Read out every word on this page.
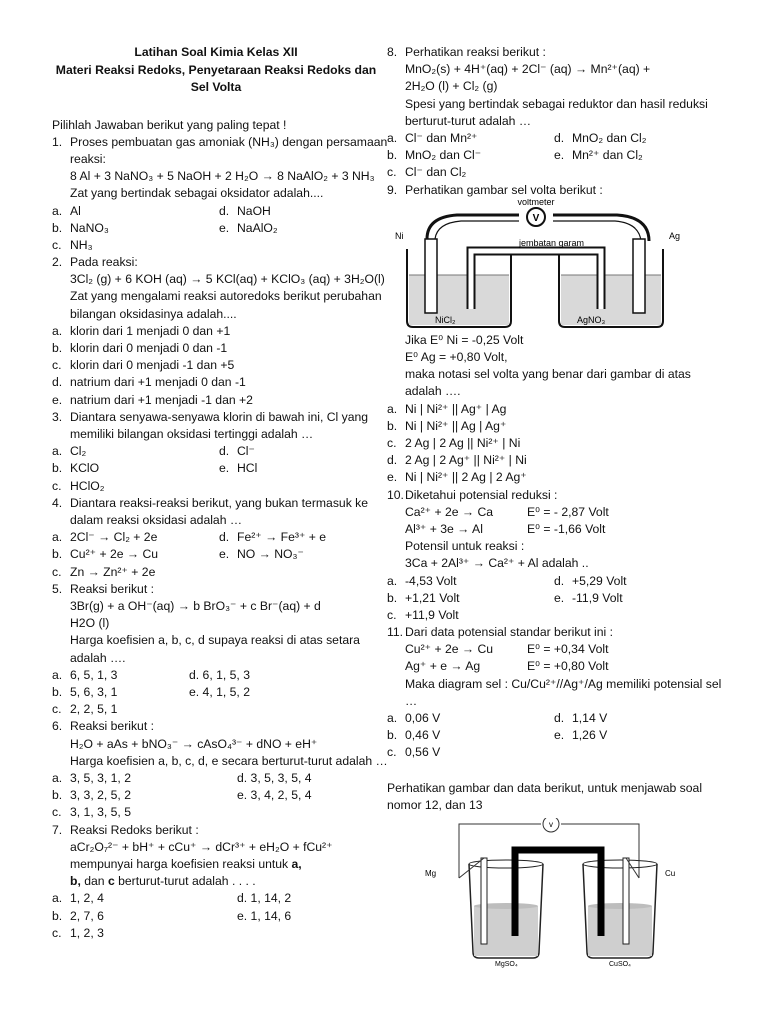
Latihan Soal Kimia Kelas XII
Materi Reaksi Redoks, Penyetaraan Reaksi Redoks dan
Sel Volta
Pilihlah Jawaban berikut yang paling tepat !
1. Proses pembuatan gas amoniak (NH₃) dengan persamaan
reaksi:
8 Al + 3 NaNO₃ + 5 NaOH + 2 H₂O → 8 NaAlO₂ + 3 NH₃
Zat yang bertindak sebagai oksidator adalah....
a. Al	d. NaOH
b. NaNO₃	e. NaAlO₂
c. NH₃
2. Pada reaksi:
3Cl₂ (g) + 6 KOH (aq) → 5 KCl(aq) + KClO₃ (aq) + 3H₂O(l)
Zat yang mengalami reaksi autoredoks berikut perubahan
bilangan oksidasinya adalah....
a. klorin dari 1 menjadi 0 dan +1
b. klorin dari 0 menjadi 0 dan -1
c. klorin dari 0 menjadi -1 dan +5
d. natrium dari +1 menjadi 0 dan -1
e. natrium dari +1 menjadi -1 dan +2
3. Diantara senyawa-senyawa klorin di bawah ini, Cl yang
memiliki bilangan oksidasi tertinggi adalah …
a. Cl₂	d. Cl⁻
b. KClO	e. HCl
c. HClO₂
4. Diantara reaksi-reaksi berikut, yang bukan termasuk ke
dalam reaksi oksidasi adalah …
a. 2Cl⁻ → Cl₂ + 2e	d. Fe²⁺ → Fe³⁺ + e
b. Cu²⁺ + 2e → Cu	e. NO → NO₃⁻
c. Zn → Zn²⁺ + 2e
5. Reaksi berikut :
3Br(g) + a OH⁻(aq) → b BrO₃⁻ + c Br⁻(aq) + d
H2O (l)
Harga koefisien a, b, c, d supaya reaksi di atas setara
adalah ….
a. 6, 5, 1, 3	d. 6, 1, 5, 3
b. 5, 6, 3, 1	e. 4, 1, 5, 2
c. 2, 2, 5, 1
6. Reaksi berikut :
H₂O + aAs + bNO₃⁻ → cAsO₄³⁻ + dNO + eH⁺
Harga koefisien a, b, c, d, e secara berturut-turut adalah …
a. 3, 5, 3, 1, 2	d. 3, 5, 3, 5, 4
b. 3, 3, 2, 5, 2	e. 3, 4, 2, 5, 4
c. 3, 1, 3, 5, 5
7. Reaksi Redoks berikut :
aCr₂O₇²⁻ + bH⁺ + cCu⁺ → dCr³⁺ + eH₂O + fCu²⁺
mempunyai harga koefisien reaksi untuk a,
b, dan c berturut-turut adalah . . . .
a. 1, 2, 4	d. 1, 14, 2
b. 2, 7, 6	e. 1, 14, 6
c. 1, 2, 3
8. Perhatikan reaksi berikut :
MnO₂(s) + 4H⁺(aq) + 2Cl⁻ (aq) → Mn²⁺(aq) +
2H₂O (l) + Cl₂ (g)
Spesi yang bertindak sebagai reduktor dan hasil reduksi
berturut-turut adalah …
a. Cl⁻ dan Mn²⁺	d. MnO₂ dan Cl₂
b. MnO₂ dan Cl⁻	e. Mn²⁺ dan Cl₂
c. Cl⁻ dan Cl₂
9. Perhatikan gambar sel volta berikut :
V
voltmeter
jembatan garam
Ni	Ag
NiCl₂	AgNO₃
Jika E⁰ Ni = -0,25 Volt
E⁰ Ag = +0,80 Volt,
maka notasi sel volta yang benar dari gambar di atas
adalah ….
a. Ni | Ni²⁺ || Ag⁺ | Ag
b. Ni | Ni²⁺ || Ag | Ag⁺
c. 2 Ag | 2 Ag || Ni²⁺ | Ni
d. 2 Ag | 2 Ag⁺ || Ni²⁺ | Ni
e. Ni | Ni²⁺ || 2 Ag | 2 Ag⁺
10. Diketahui potensial reduksi :
Ca²⁺ + 2e → Ca	E⁰ = - 2,87 Volt
Al³⁺ + 3e → Al	E⁰ = -1,66 Volt
Potensil untuk reaksi :
3Ca + 2Al³⁺ → Ca²⁺ + Al adalah ..
a. -4,53 Volt	d. +5,29 Volt
b. +1,21 Volt	e. -11,9 Volt
c. +11,9 Volt
11. Dari data potensial standar berikut ini :
Cu²⁺ + 2e → Cu	E⁰ = +0,34 Volt
Ag⁺ + e → Ag	E⁰ = +0,80 Volt
Maka diagram sel : Cu/Cu²⁺//Ag⁺/Ag memiliki potensial sel
…
a. 0,06 V	d. 1,14 V
b. 0,46 V	e. 1,26 V
c. 0,56 V
Perhatikan gambar dan data berikut, untuk menjawab soal
nomor 12, dan 13
v
Mg	Cu
MgSO₄	CuSO₄
